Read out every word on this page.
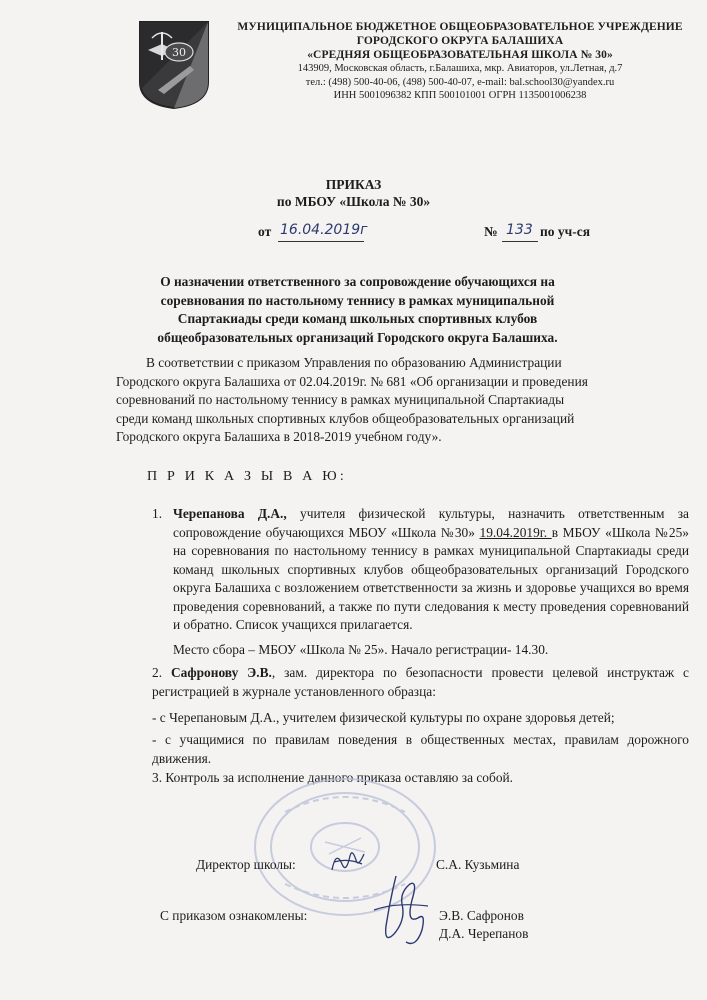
30
МУНИЦИПАЛЬНОЕ БЮДЖЕТНОЕ ОБЩЕОБРАЗОВАТЕЛЬНОЕ УЧРЕЖДЕНИЕ
ГОРОДСКОГО ОКРУГА БАЛАШИХА
«СРЕДНЯЯ ОБЩЕОБРАЗОВАТЕЛЬНАЯ ШКОЛА № 30»
143909, Московская область, г.Балашиха, мкр. Авиаторов, ул.Летная, д.7
тел.: (498) 500-40-06, (498) 500-40-07, e-mail: bal.school30@yandex.ru
ИНН 5001096382 КПП 500101001 ОГРН 1135001006238
ПРИКАЗ
по МБОУ «Школа № 30»
от 16.04.2019г	№ 133 по уч-ся
О назначении ответственного за сопровождение обучающихся на соревнования по настольному теннису в рамках муниципальной Спартакиады среди команд школьных спортивных клубов общеобразовательных организаций Городского округа Балашиха.
В соответствии с приказом Управления по образованию Администрации Городского округа Балашиха от 02.04.2019г. № 681 «Об организации и проведения соревнований по настольному теннису в рамках муниципальной Спартакиады среди команд школьных спортивных клубов общеобразовательных организаций Городского округа Балашиха в 2018-2019 учебном году».
П Р И К А З Ы В А Ю:
1. Черепанова Д.А., учителя физической культуры, назначить ответственным за сопровождение обучающихся МБОУ «Школа №30» 19.04.2019г. в МБОУ «Школа №25» на соревнования по настольному теннису в рамках муниципальной Спартакиады среди команд школьных спортивных клубов общеобразовательных организаций Городского округа Балашиха с возложением ответственности за жизнь и здоровье учащихся во время проведения соревнований, а также по пути следования к месту проведения соревнований и обратно. Список учащихся прилагается.
Место сбора – МБОУ «Школа № 25». Начало регистрации- 14.30.
2. Сафронову Э.В., зам. директора по безопасности провести целевой инструктаж с регистрацией в журнале установленного образца:
- с Черепановым Д.А., учителем физической культуры по охране здоровья детей;
- с учащимися по правилам поведения в общественных местах, правилам дорожного движения.
3. Контроль за исполнение данного приказа оставляю за собой.
Директор школы:	С.А. Кузьмина
С приказом ознакомлены:	Э.В. Сафронов
Д.А. Черепанов
